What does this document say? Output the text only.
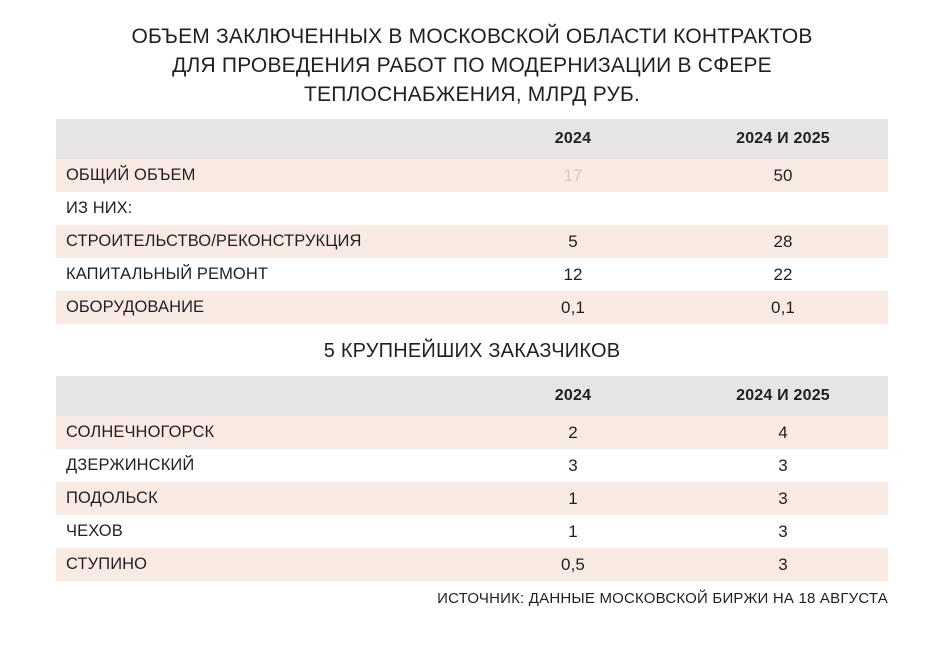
ОБЪЕМ ЗАКЛЮЧЕННЫХ В МОСКОВСКОЙ ОБЛАСТИ КОНТРАКТОВ
ДЛЯ ПРОВЕДЕНИЯ РАБОТ ПО МОДЕРНИЗАЦИИ В СФЕРЕ
ТЕПЛОСНАБЖЕНИЯ, МЛРД РУБ.
	2024	2024 И 2025
ОБЩИЙ ОБЪЕМ	17	50
ИЗ НИХ:		
СТРОИТЕЛЬСТВО/РЕКОНСТРУКЦИЯ	5	28
КАПИТАЛЬНЫЙ РЕМОНТ	12	22
ОБОРУДОВАНИЕ	0,1	0,1
5 КРУПНЕЙШИХ ЗАКАЗЧИКОВ
	2024	2024 И 2025
СОЛНЕЧНОГОРСК	2	4
ДЗЕРЖИНСКИЙ	3	3
ПОДОЛЬСК	1	3
ЧЕХОВ	1	3
СТУПИНО	0,5	3
ИСТОЧНИК: ДАННЫЕ МОСКОВСКОЙ БИРЖИ НА 18 АВГУСТА
